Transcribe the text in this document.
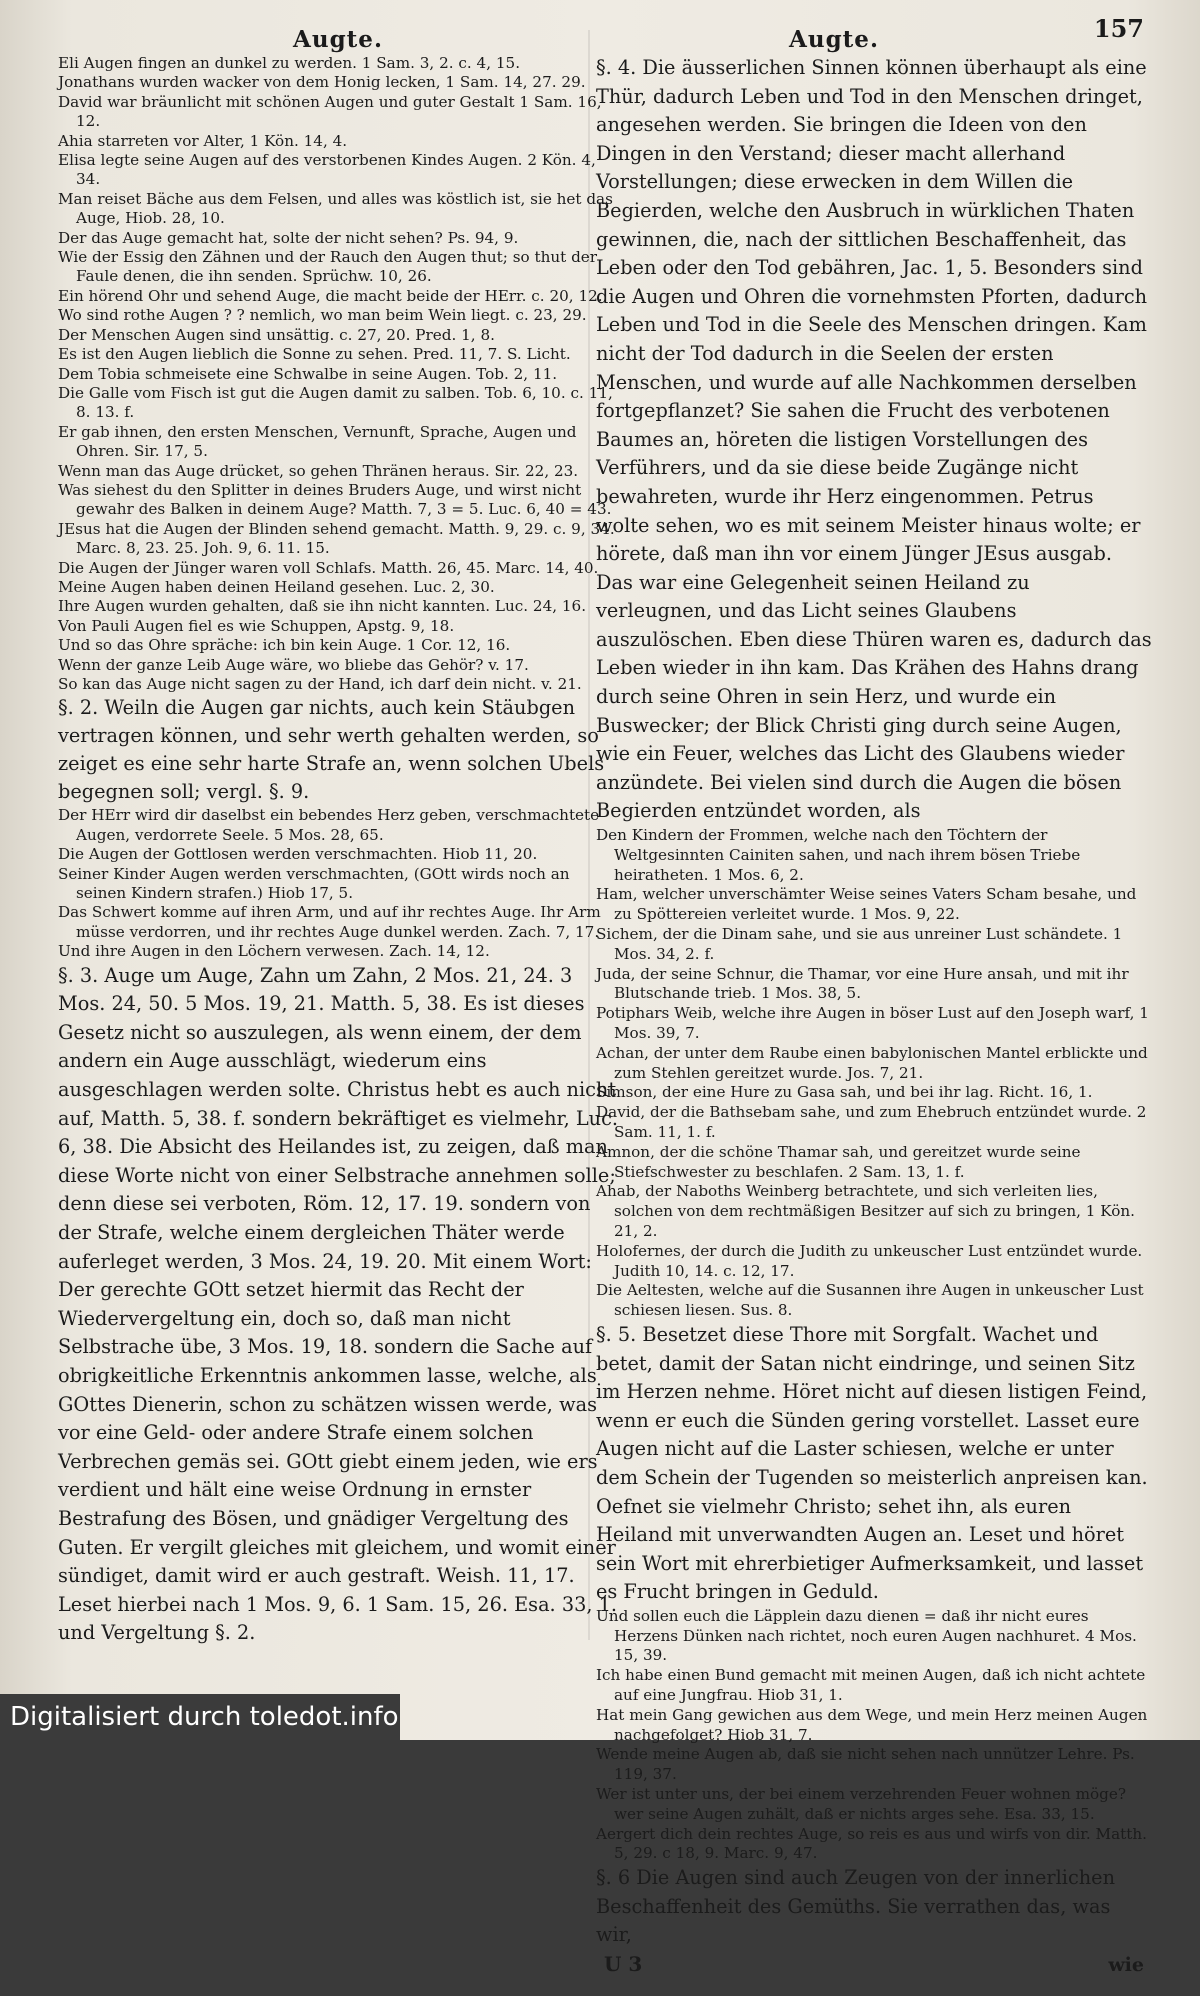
Augte.

Eli Augen fingen an dunkel zu werden. 1 Sam. 3, 2. c. 4, 15.

Jonathans wurden wacker von dem Honig lecken, 1 Sam. 14, 27. 29.

David war bräunlicht mit schönen Augen und guter Gestalt 1 Sam. 16, 12.

Ahia starreten vor Alter, 1 Kön. 14, 4.

Elisa legte seine Augen auf des verstorbenen Kindes Augen. 2 Kön. 4, 34.

Man reiset Bäche aus dem Felsen, und alles was köstlich ist, sie het das Auge, Hiob. 28, 10.

Der das Auge gemacht hat, solte der nicht sehen? Ps. 94, 9.

Wie der Essig den Zähnen und der Rauch den Augen thut; so thut der Faule denen, die ihn senden. Sprüchw. 10, 26.

Ein hörend Ohr und sehend Auge, die macht beide der HErr. c. 20, 12.

Wo sind rothe Augen ? ? nemlich, wo man beim Wein liegt. c. 23, 29.

Der Menschen Augen sind unsättig. c. 27, 20. Pred. 1, 8.

Es ist den Augen lieblich die Sonne zu sehen. Pred. 11, 7. S. Licht.

Dem Tobia schmeisete eine Schwalbe in seine Augen. Tob. 2, 11.

Die Galle vom Fisch ist gut die Augen damit zu salben. Tob. 6, 10. c. 11, 8. 13. f.

Er gab ihnen, den ersten Menschen, Vernunft, Sprache, Augen und Ohren. Sir. 17, 5.

Wenn man das Auge drücket, so gehen Thränen heraus. Sir. 22, 23.

Was siehest du den Splitter in deines Bruders Auge, und wirst nicht gewahr des Balken in deinem Auge? Matth. 7, 3 = 5. Luc. 6, 40 = 43.

JEsus hat die Augen der Blinden sehend gemacht. Matth. 9, 29. c. 9, 34. Marc. 8, 23. 25. Joh. 9, 6. 11. 15.

Die Augen der Jünger waren voll Schlafs. Matth. 26, 45. Marc. 14, 40.

Meine Augen haben deinen Heiland gesehen. Luc. 2, 30.

Ihre Augen wurden gehalten, daß sie ihn nicht kannten. Luc. 24, 16.

Von Pauli Augen fiel es wie Schuppen, Apstg. 9, 18.

Und so das Ohre spräche: ich bin kein Auge. 1 Cor. 12, 16.

Wenn der ganze Leib Auge wäre, wo bliebe das Gehör? v. 17.

So kan das Auge nicht sagen zu der Hand, ich darf dein nicht. v. 21.

§. 2. Weiln die Augen gar nichts, auch kein Stäubgen vertragen können, und sehr werth gehalten werden, so zeiget es eine sehr harte Strafe an, wenn solchen Ubels begegnen soll; vergl. §. 9.

Der HErr wird dir daselbst ein bebendes Herz geben, verschmachtete Augen, verdorrete Seele. 5 Mos. 28, 65.

Die Augen der Gottlosen werden verschmachten. Hiob 11, 20.

Seiner Kinder Augen werden verschmachten, (GOtt wirds noch an seinen Kindern strafen.) Hiob 17, 5.

Das Schwert komme auf ihren Arm, und auf ihr rechtes Auge. Ihr Arm müsse verdorren, und ihr rechtes Auge dunkel werden. Zach. 7, 17.

Und ihre Augen in den Löchern verwesen. Zach. 14, 12.

§. 3. Auge um Auge, Zahn um Zahn, 2 Mos. 21, 24. 3 Mos. 24, 50. 5 Mos. 19, 21. Matth. 5, 38. Es ist dieses Gesetz nicht so auszulegen, als wenn einem, der dem andern ein Auge ausschlägt, wiederum eins ausgeschlagen werden solte. Christus hebt es auch nicht auf, Matth. 5, 38. f. sondern bekräftiget es vielmehr, Luc. 6, 38. Die Absicht des Heilandes ist, zu zeigen, daß man diese Worte nicht von einer Selbstrache annehmen solle; denn diese sei verboten, Röm. 12, 17. 19. sondern von der Strafe, welche einem dergleichen Thäter werde auferleget werden, 3 Mos. 24, 19. 20. Mit einem Wort: Der gerechte GOtt setzet hiermit das Recht der Wiedervergeltung ein, doch so, daß man nicht Selbstrache übe, 3 Mos. 19, 18. sondern die Sache auf obrigkeitliche Erkenntnis ankommen lasse, welche, als GOttes Dienerin, schon zu schätzen wissen werde, was vor eine Geld- oder andere Strafe einem solchen Verbrechen gemäs sei. GOtt giebt einem jeden, wie ers verdient und hält eine weise Ordnung in ernster Bestrafung des Bösen, und gnädiger Vergeltung des Guten. Er vergilt gleiches mit gleichem, und womit einer sündiget, damit wird er auch gestraft. Weish. 11, 17. Leset hierbei nach 1 Mos. 9, 6. 1 Sam. 15, 26. Esa. 33, 1. und Vergeltung §. 2.

Augte.	157

§. 4. Die äusserlichen Sinnen können überhaupt als eine Thür, dadurch Leben und Tod in den Menschen dringet, angesehen werden. Sie bringen die Ideen von den Dingen in den Verstand; dieser macht allerhand Vorstellungen; diese erwecken in dem Willen die Begierden, welche den Ausbruch in würklichen Thaten gewinnen, die, nach der sittlichen Beschaffenheit, das Leben oder den Tod gebähren, Jac. 1, 5. Besonders sind die Augen und Ohren die vornehmsten Pforten, dadurch Leben und Tod in die Seele des Menschen dringen. Kam nicht der Tod dadurch in die Seelen der ersten Menschen, und wurde auf alle Nachkommen derselben fortgepflanzet? Sie sahen die Frucht des verbotenen Baumes an, höreten die listigen Vorstellungen des Verführers, und da sie diese beide Zugänge nicht bewahreten, wurde ihr Herz eingenommen. Petrus wolte sehen, wo es mit seinem Meister hinaus wolte; er hörete, daß man ihn vor einem Jünger JEsus ausgab. Das war eine Gelegenheit seinen Heiland zu verleugnen, und das Licht seines Glaubens auszulöschen. Eben diese Thüren waren es, dadurch das Leben wieder in ihn kam. Das Krähen des Hahns drang durch seine Ohren in sein Herz, und wurde ein Buswecker; der Blick Christi ging durch seine Augen, wie ein Feuer, welches das Licht des Glaubens wieder anzündete. Bei vielen sind durch die Augen die bösen Begierden entzündet worden, als

Den Kindern der Frommen, welche nach den Töchtern der Weltgesinnten Cainiten sahen, und nach ihrem bösen Triebe heiratheten. 1 Mos. 6, 2.

Ham, welcher unverschämter Weise seines Vaters Scham besahe, und zu Spöttereien verleitet wurde. 1 Mos. 9, 22.

Sichem, der die Dinam sahe, und sie aus unreiner Lust schändete. 1 Mos. 34, 2. f.

Juda, der seine Schnur, die Thamar, vor eine Hure ansah, und mit ihr Blutschande trieb. 1 Mos. 38, 5.

Potiphars Weib, welche ihre Augen in böser Lust auf den Joseph warf, 1 Mos. 39, 7.

Achan, der unter dem Raube einen babylonischen Mantel erblickte und zum Stehlen gereitzet wurde. Jos. 7, 21.

Simson, der eine Hure zu Gasa sah, und bei ihr lag. Richt. 16, 1.

David, der die Bathsebam sahe, und zum Ehebruch entzündet wurde. 2 Sam. 11, 1. f.

Amnon, der die schöne Thamar sah, und gereitzet wurde seine Stiefschwester zu beschlafen. 2 Sam. 13, 1. f.

Ahab, der Naboths Weinberg betrachtete, und sich verleiten lies, solchen von dem rechtmäßigen Besitzer auf sich zu bringen, 1 Kön. 21, 2.

Holofernes, der durch die Judith zu unkeuscher Lust entzündet wurde. Judith 10, 14. c. 12, 17.

Die Aeltesten, welche auf die Susannen ihre Augen in unkeuscher Lust schiesen liesen. Sus. 8.

§. 5. Besetzet diese Thore mit Sorgfalt. Wachet und betet, damit der Satan nicht eindringe, und seinen Sitz im Herzen nehme. Höret nicht auf diesen listigen Feind, wenn er euch die Sünden gering vorstellet. Lasset eure Augen nicht auf die Laster schiesen, welche er unter dem Schein der Tugenden so meisterlich anpreisen kan. Oefnet sie vielmehr Christo; sehet ihn, als euren Heiland mit unverwandten Augen an. Leset und höret sein Wort mit ehrerbietiger Aufmerksamkeit, und lasset es Frucht bringen in Geduld.

Und sollen euch die Läpplein dazu dienen = daß ihr nicht eures Herzens Dünken nach richtet, noch euren Augen nachhuret. 4 Mos. 15, 39.

Ich habe einen Bund gemacht mit meinen Augen, daß ich nicht achtete auf eine Jungfrau. Hiob 31, 1.

Hat mein Gang gewichen aus dem Wege, und mein Herz meinen Augen nachgefolget? Hiob 31, 7.

Wende meine Augen ab, daß sie nicht sehen nach unnützer Lehre. Ps. 119, 37.

Wer ist unter uns, der bei einem verzehrenden Feuer wohnen möge? wer seine Augen zuhält, daß er nichts arges sehe. Esa. 33, 15.

Aergert dich dein rechtes Auge, so reis es aus und wirfs von dir. Matth. 5, 29. c 18, 9. Marc. 9, 47.

§. 6 Die Augen sind auch Zeugen von der innerlichen Beschaffenheit des Gemüths. Sie verrathen das, was wir,

U 3	wie
Digitalisiert durch toledot.info
